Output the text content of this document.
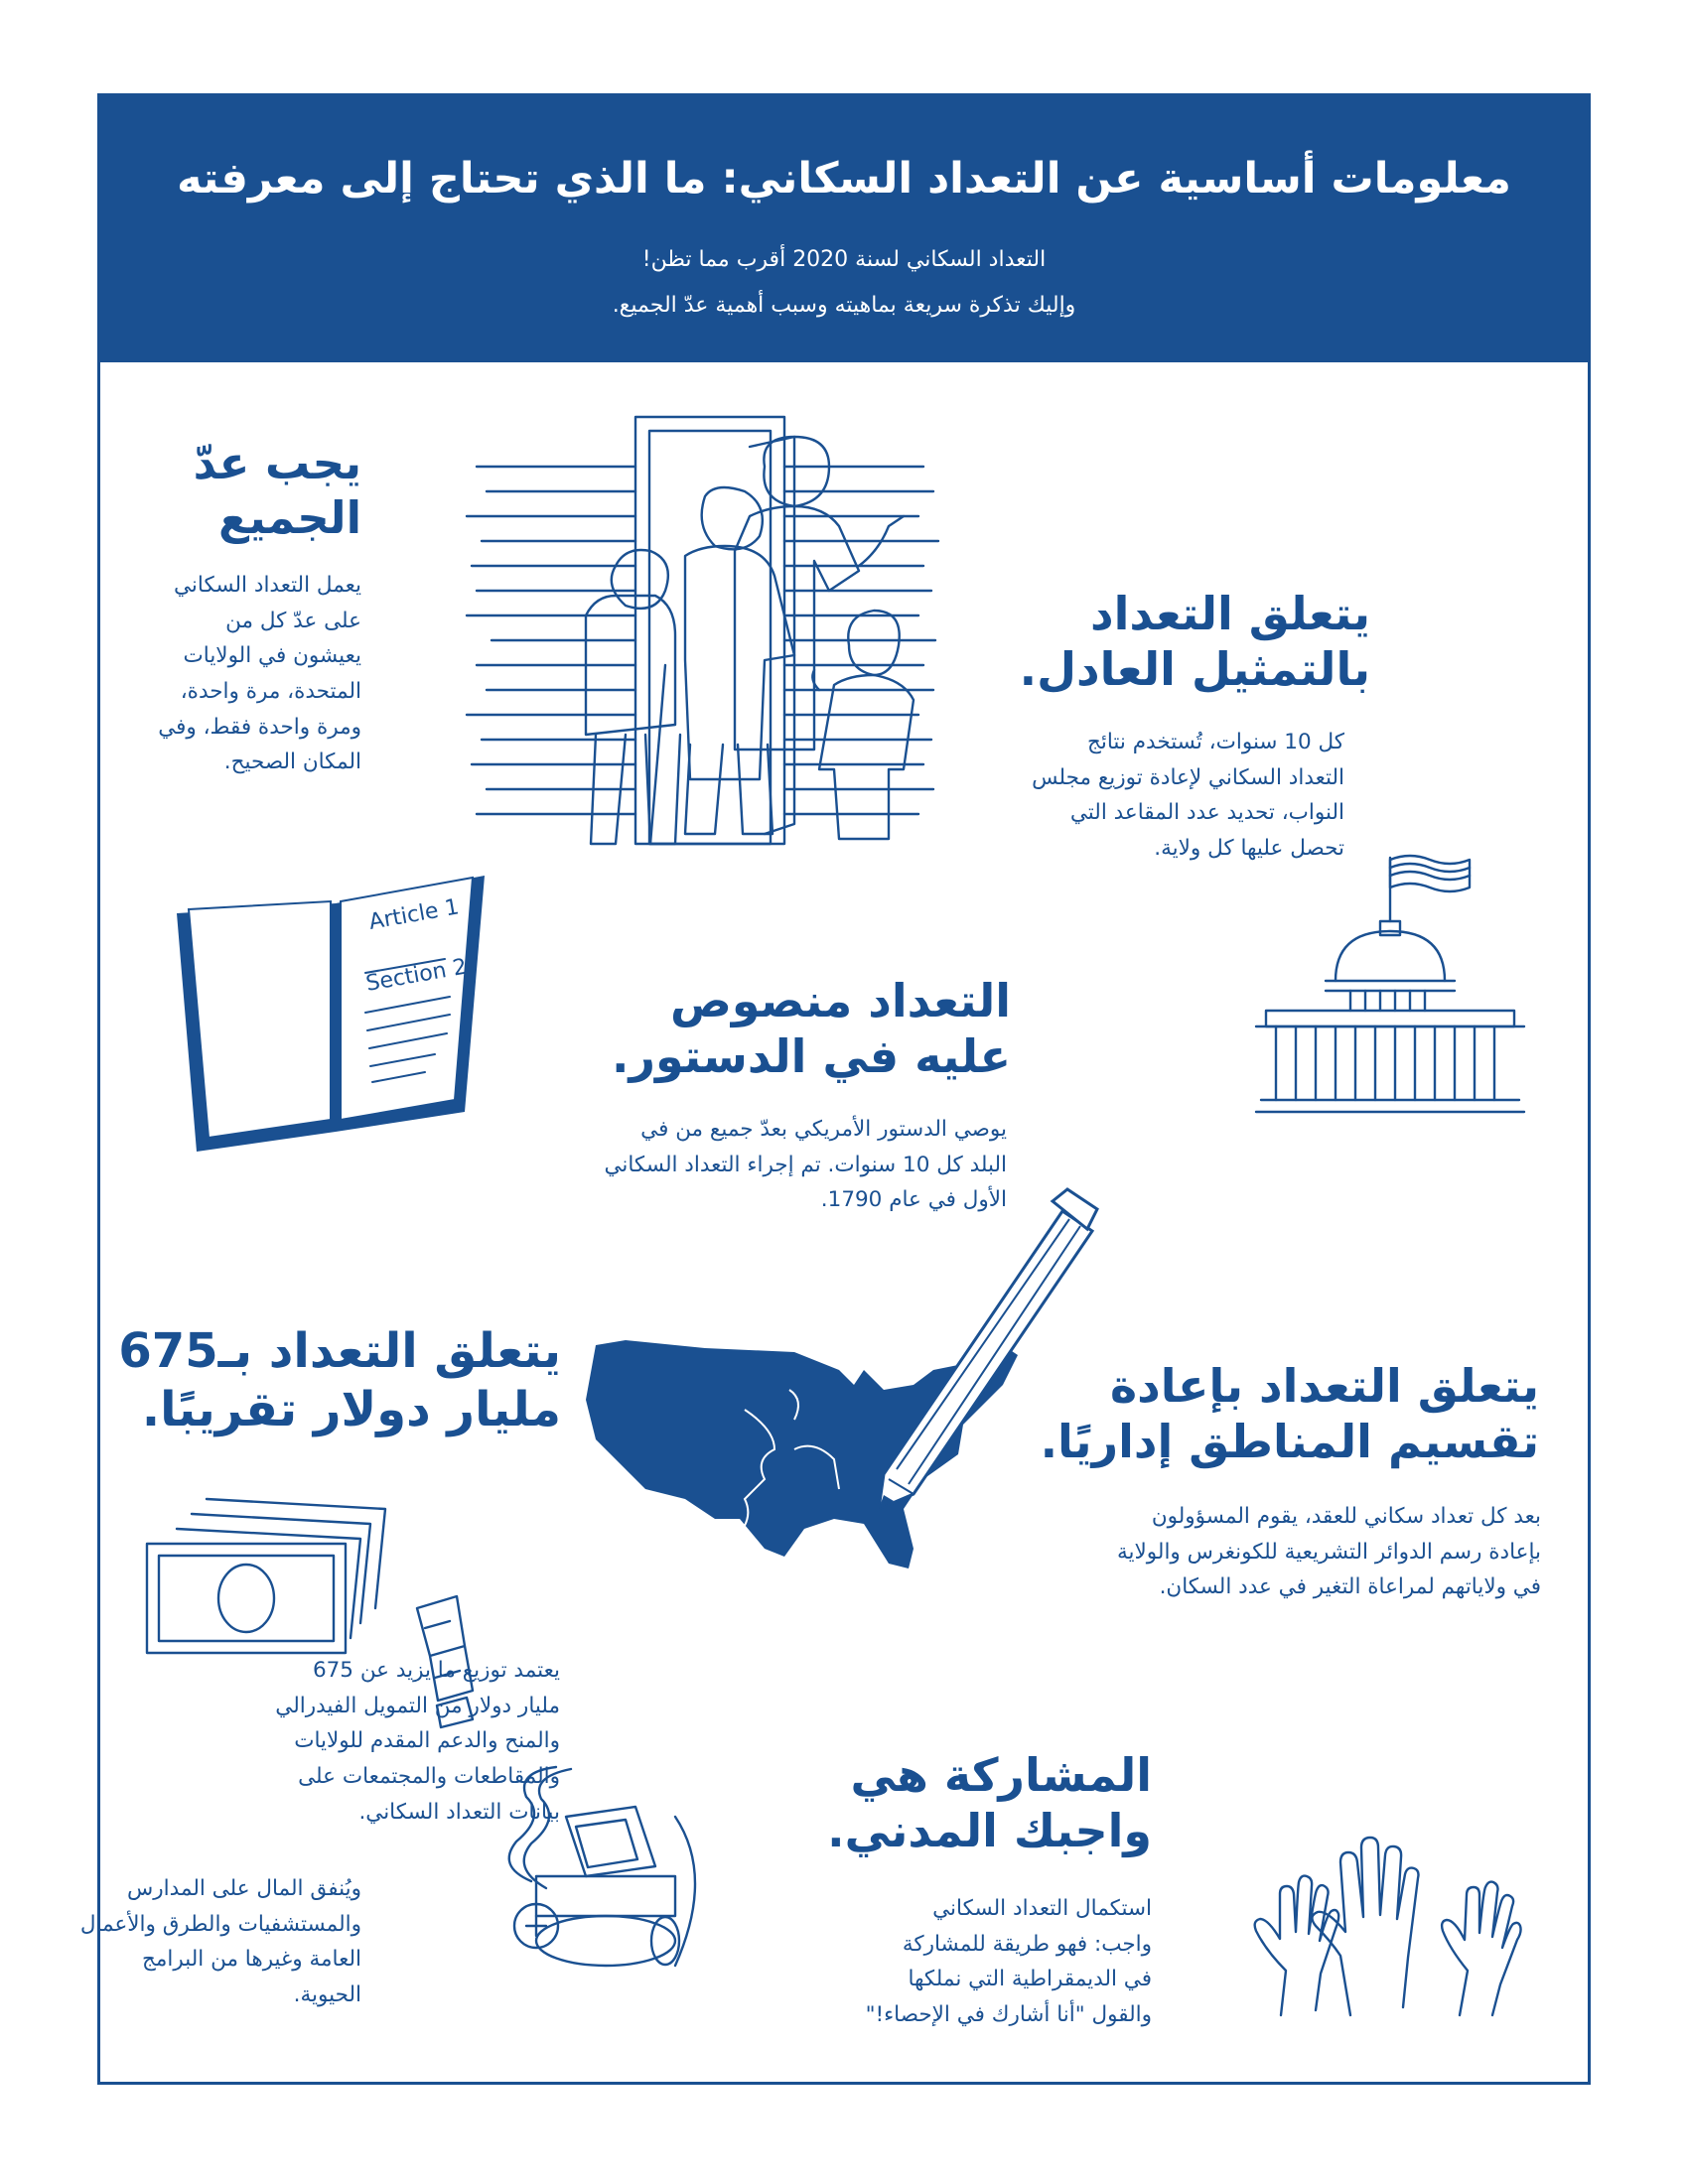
معلومات أساسية عن التعداد السكاني: ما الذي تحتاج إلى معرفته
التعداد السكاني لسنة 2020 أقرب مما تظن!
وإليك تذكرة سريعة بماهيته وسبب أهمية عدّ الجميع.
يجب عدّ
الجميع
يعمل التعداد السكاني
على عدّ كل من
يعيشون في الولايات
المتحدة، مرة واحدة،
ومرة واحدة فقط، وفي
المكان الصحيح.
يتعلق التعداد
بالتمثيل العادل.
كل 10 سنوات، تُستخدم نتائج
التعداد السكاني لإعادة توزيع مجلس
النواب، تحديد عدد المقاعد التي
تحصل عليها كل ولاية.
Article 1
Section 2	التعداد منصوص
عليه في الدستور.
يوصي الدستور الأمريكي بعدّ جميع من في
البلد كل 10 سنوات. تم إجراء التعداد السكاني
الأول في عام 1790.
يتعلق التعداد بـ675
مليار دولار تقريبًا.	يتعلق التعداد بإعادة
تقسيم المناطق إداريًا.
بعد كل تعداد سكاني للعقد، يقوم المسؤولون
بإعادة رسم الدوائر التشريعية للكونغرس والولاية
في ولاياتهم لمراعاة التغير في عدد السكان.
يعتمد توزيع ما يزيد عن 675
مليار دولار من التمويل الفيدرالي
والمنح والدعم المقدم للولايات
والمقاطعات والمجتمعات على
بيانات التعداد السكاني.
ويُنفق المال على المدارس
والمستشفيات والطرق والأعمال
العامة وغيرها من البرامج
الحيوية.
المشاركة هي
واجبك المدني.
استكمال التعداد السكاني
واجب: فهو طريقة للمشاركة
في الديمقراطية التي نملكها
والقول "أنا أشارك في الإحصاء!"
